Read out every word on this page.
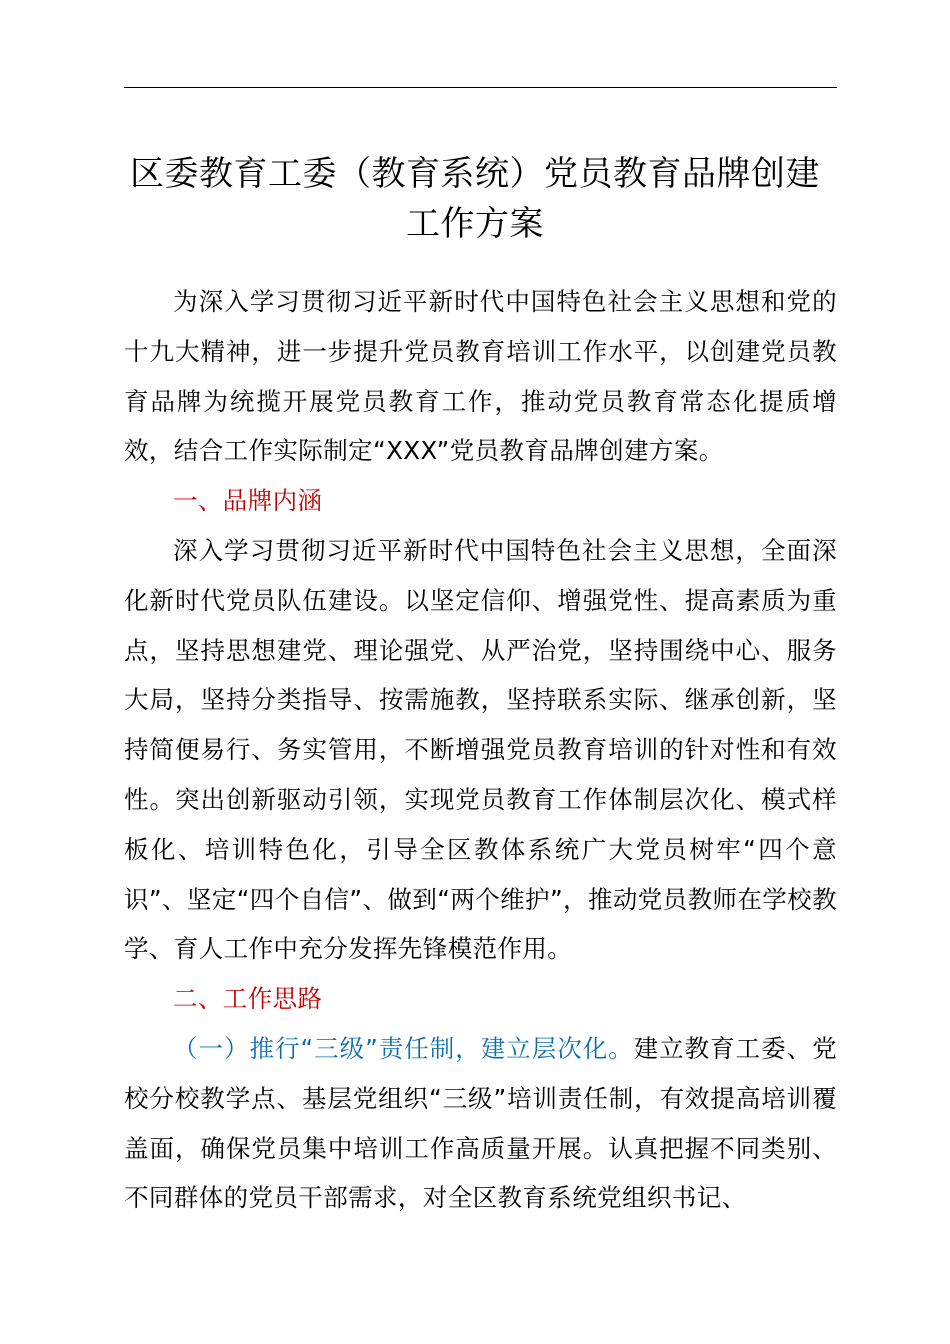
区委教育工委（教育系统）党员教育品牌创建
工作方案

为深入学习贯彻习近平新时代中国特色社会主义思想和党的十九大精神，进一步提升党员教育培训工作水平，以创建党员教育品牌为统揽开展党员教育工作，推动党员教育常态化提质增效，结合工作实际制定“XXX”党员教育品牌创建方案。

一、品牌内涵

深入学习贯彻习近平新时代中国特色社会主义思想，全面深化新时代党员队伍建设。以坚定信仰、增强党性、提高素质为重点，坚持思想建党、理论强党、从严治党，坚持围绕中心、服务大局，坚持分类指导、按需施教，坚持联系实际、继承创新，坚持简便易行、务实管用，不断增强党员教育培训的针对性和有效性。突出创新驱动引领，实现党员教育工作体制层次化、模式样板化、培训特色化，引导全区教体系统广大党员树牢“四个意识”、坚定“四个自信”、做到“两个维护”，推动党员教师在学校教学、育人工作中充分发挥先锋模范作用。

二、工作思路

（一）推行“三级”责任制，建立层次化。建立教育工委、党校分校教学点、基层党组织“三级”培训责任制，有效提高培训覆盖面，确保党员集中培训工作高质量开展。认真把握不同类别、不同群体的党员干部需求，对全区教育系统党组织书记、
